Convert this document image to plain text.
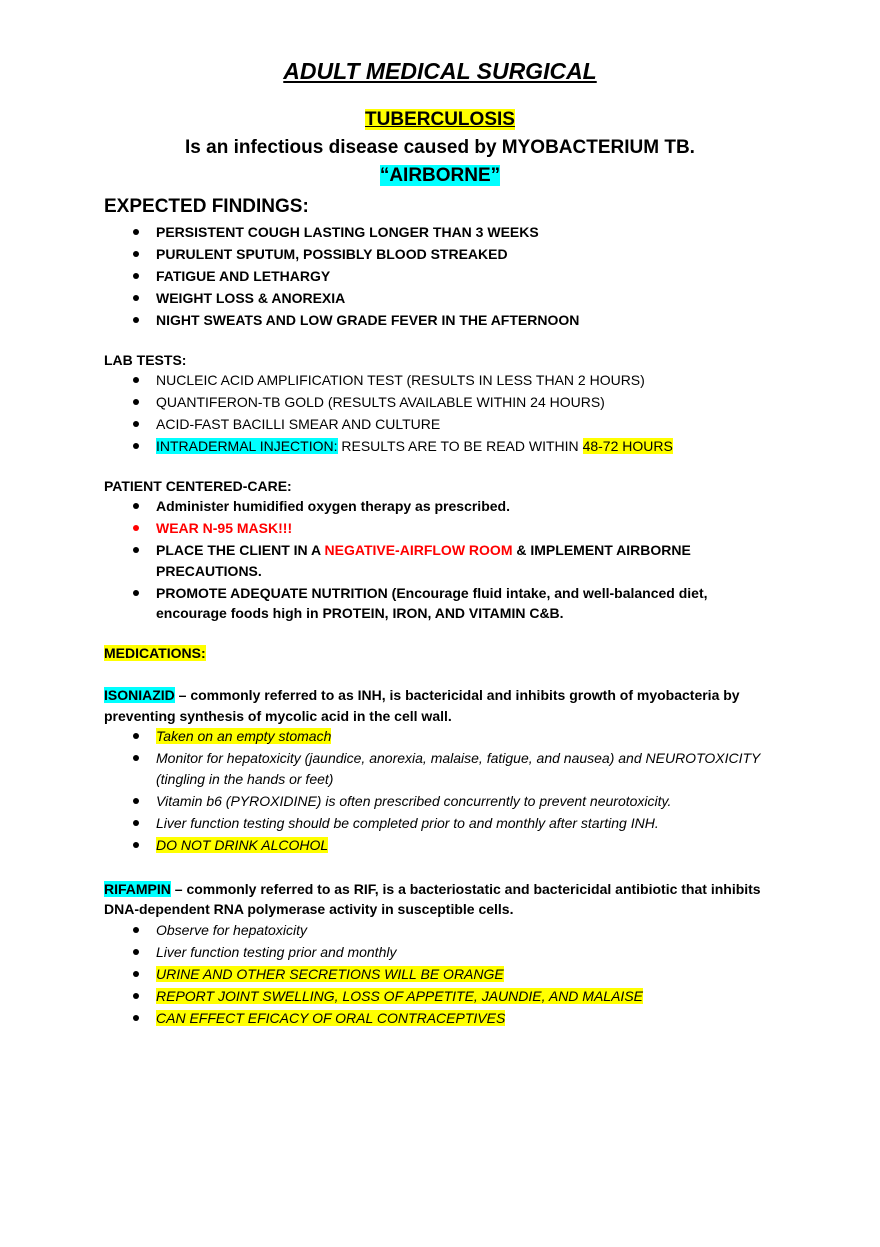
ADULT MEDICAL SURGICAL
TUBERCULOSIS
Is an infectious disease caused by MYOBACTERIUM TB.
“AIRBORNE”
EXPECTED FINDINGS:
PERSISTENT COUGH LASTING LONGER THAN 3 WEEKS
PURULENT SPUTUM, POSSIBLY BLOOD STREAKED
FATIGUE AND LETHARGY
WEIGHT LOSS & ANOREXIA
NIGHT SWEATS AND LOW GRADE FEVER IN THE AFTERNOON
LAB TESTS:
NUCLEIC ACID AMPLIFICATION TEST (RESULTS IN LESS THAN 2 HOURS)
QUANTIFERON-TB GOLD (RESULTS AVAILABLE WITHIN 24 HOURS)
ACID-FAST BACILLI SMEAR AND CULTURE
INTRADERMAL INJECTION: RESULTS ARE TO BE READ WITHIN 48-72 HOURS
PATIENT CENTERED-CARE:
Administer humidified oxygen therapy as prescribed.
WEAR N-95 MASK!!!
PLACE THE CLIENT IN A NEGATIVE-AIRFLOW ROOM & IMPLEMENT AIRBORNE PRECAUTIONS.
PROMOTE ADEQUATE NUTRITION (Encourage fluid intake, and well-balanced diet, encourage foods high in PROTEIN, IRON, AND VITAMIN C&B.
MEDICATIONS:

ISONIAZID – commonly referred to as INH, is bactericidal and inhibits growth of myobacteria by preventing synthesis of mycolic acid in the cell wall.

Taken on an empty stomach
Monitor for hepatoxicity (jaundice, anorexia, malaise, fatigue, and nausea) and NEUROTOXICITY (tingling in the hands or feet)
Vitamin b6 (PYROXIDINE) is often prescribed concurrently to prevent neurotoxicity.
Liver function testing should be completed prior to and monthly after starting INH.
DO NOT DRINK ALCOHOL

RIFAMPIN – commonly referred to as RIF, is a bacteriostatic and bactericidal antibiotic that inhibits DNA-dependent RNA polymerase activity in susceptible cells.

Observe for hepatoxicity
Liver function testing prior and monthly
URINE AND OTHER SECRETIONS WILL BE ORANGE
REPORT JOINT SWELLING, LOSS OF APPETITE, JAUNDIE, AND MALAISE
CAN EFFECT EFICACY OF ORAL CONTRACEPTIVES
